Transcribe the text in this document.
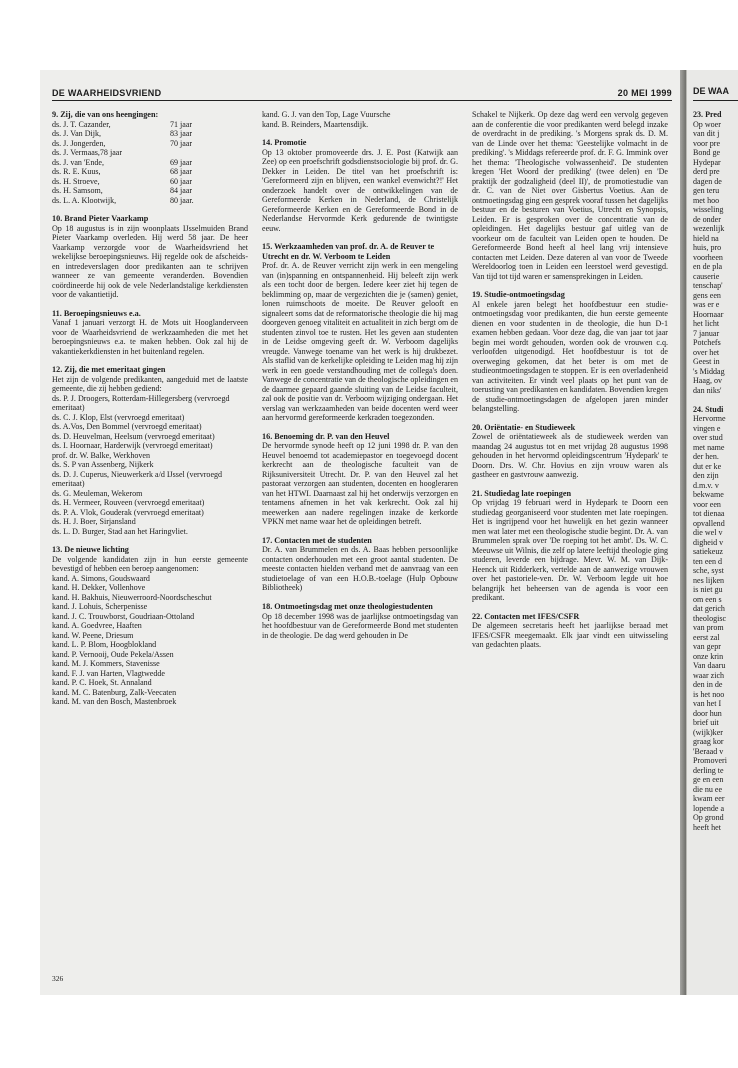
DE WAA
23. Pred
Op woer
van dit j
voor pre
Bond ge
Hydepar
derd pre
dagen de
gen teru
met hoo
wisseling
de onder
wezenlijk
hield na
huis, pro
voorheen
en de pla
causerie
tenschap'
gens een
was er e
Hoornaar
het licht
7 januar
Potchefs
over het
Geest in
's Middag
Haag, ov
dan niks'
24. Studi
Hervorme
vingen e
over stud
met name
der hen.
dut er ke
den zijn
d.m.v. v
bekwame
voor een
tot dienaa
opvallend
die wel v
digheid v
satiekeuz
ten een d
sche, syst
nes lijken
is niet gu
om een s
dat gerich
theologisc
van prom
eerst zal
van gepr
onze krin
Van daaru
waar zich
den in de
is het noo
van het I
door hun
brief uit
(wijk)ker
graag kor
'Beraad v
Promoveri
derling te
ge en een
die nu ee
kwam eer
lopende a
Op grond
heeft het
DE WAARHEIDSVRIEND	20 MEI 1999
9. Zij, die van ons heengingen:
ds. J. T. Cazander,	71 jaar
ds. J. Van Dijk,	83 jaar
ds. J. Jongerden,	70 jaar
ds. J. Vermaas,78 jaar
ds. J. van 'Ende,	69 jaar
ds. R. E. Kuus,	68 jaar
ds. H. Stroeve,	60 jaar
ds. H. Samsom,	84 jaar
ds. L. A. Klootwijk,	80 jaar.
10. Brand Pieter Vaarkamp

Op 18 augustus is in zijn woonplaats IJsselmuiden Brand Pieter Vaarkamp overleden. Hij werd 58 jaar. De heer Vaarkamp verzorgde voor de Waarheidsvriend het wekelijkse beroepingsnieuws. Hij regelde ook de afscheids- en intredeverslagen door predikanten aan te schrijven wanneer ze van gemeente veranderden. Bovendien coördineerde hij ook de vele Nederlandstalige kerkdiensten voor de vakantietijd.

11. Beroepingsnieuws e.a.

Vanaf 1 januari verzorgt H. de Mots uit Hooglanderveen voor de Waarheidsvriend de werkzaamheden die met het beroepingsnieuws e.a. te maken hebben. Ook zal hij de vakantiekerkdiensten in het buitenland regelen.

12. Zij, die met emeritaat gingen

Het zijn de volgende predikanten, aangeduid met de laatste gemeente, die zij hebben gediend:

ds. P. J. Droogers, Rotterdam-Hillegersberg (vervroegd emeritaat)
ds. C. J. Klop, Elst (vervroegd emeritaat)
ds. A.Vos, Den Bommel (vervroegd emeritaat)
ds. D. Heuvelman, Heelsum (vervroegd emeritaat)
ds. I. Hoornaar, Harderwijk (vervroegd emeritaat)
prof. dr. W. Balke, Werkhoven
ds. S. P van Assenberg, Nijkerk
ds. D. J. Cuperus, Nieuwerkerk a/d IJssel (vervroegd emeritaat)
ds. G. Meuleman, Wekerom
ds. H. Vermeer, Rouveen (vervroegd emeritaat)
ds. P. A. Vlok, Gouderak (vervroegd emeritaat)
ds. H. J. Boer, Sirjansland
ds. L. D. Burger, Stad aan het Haringvliet.
13. De nieuwe lichting

De volgende kandidaten zijn in hun eerste gemeente bevestigd of hebben een beroep aangenomen:

kand. A. Simons, Goudswaard
kand. H. Dekker, Vollenhove
kand. H. Bakhuis, Nieuwerroord-Noordscheschut
kand. J. Lohuis, Scherpenisse
kand. J. C. Trouwborst, Goudriaan-Ottoland
kand. A. Goedvree, Haaften
kand. W. Peene, Driesum
kand. L. P. Blom, Hoogblokland
kand. P. Vernooij, Oude Pekela/Assen
kand. M. J. Kommers, Stavenisse
kand. F. J. van Harten, Vlagtwedde
kand. P. C. Hoek, St. Annaland
kand. M. C. Batenburg, Zalk-Veecaten
kand. M. van den Bosch, Mastenbroek

kand. G. J. van den Top, Lage Vuursche
kand. B. Reinders, Maartensdijk.

14. Promotie

Op 13 oktober promoveerde drs. J. E. Post (Katwijk aan Zee) op een proefschrift godsdienstsociologie bij prof. dr. G. Dekker in Leiden. De titel van het proefschrift is: 'Gereformeerd zijn en blijven, een wankel evenwicht?!' Het onderzoek handelt over de ontwikkelingen van de Gereformeerde Kerken in Nederland, de Christelijk Gereformeerde Kerken en de Gereformeerde Bond in de Nederlandse Hervormde Kerk gedurende de twintigste eeuw.

15. Werkzaamheden van prof. dr. A. de Reuver te Utrecht en dr. W. Verboom te Leiden

Prof. dr. A. de Reuver verricht zijn werk in een mengeling van (in)spanning en ontspannenheid. Hij beleeft zijn werk als een tocht door de bergen. Iedere keer ziet hij tegen de beklimming op, maar de vergezichten die je (samen) geniet, lonen ruimschoots de moeite. De Reuver gelooft en signaleert soms dat de reformatorische theologie die hij mag doorgeven genoeg vitaliteit en actualiteit in zich bergt om de studenten zinvol toe te rusten. Het les geven aan studenten in de Leidse omgeving geeft dr. W. Verboom dagelijks vreugde. Vanwege toename van het werk is hij drukbezet. Als staflid van de kerkelijke opleiding te Leiden mag hij zijn werk in een goede verstandhouding met de collega's doen. Vanwege de concentratie van de theologische opleidingen en de daarmee gepaard gaande sluiting van de Leidse faculteit, zal ook de positie van dr. Verboom wijziging ondergaan. Het verslag van werkzaamheden van beide docenten werd weer aan hervormd gereformeerde kerkraden toegezonden.

16. Benoeming dr. P. van den Heuvel

De hervormde synode heeft op 12 juni 1998 dr. P. van den Heuvel benoemd tot academiepastor en toegevoegd docent kerkrecht aan de theologische faculteit van de Rijksuniversiteit Utrecht. Dr. P. van den Heuvel zal het pastoraat verzorgen aan studenten, docenten en hoogleraren van het HTWI. Daarnaast zal hij het onderwijs verzorgen en tentamens afnemen in het vak kerkrecht. Ook zal hij meewerken aan nadere regelingen inzake de kerkorde VPKN met name waar het de opleidingen betreft.

17. Contacten met de studenten

Dr. A. van Brummelen en ds. A. Baas hebben persoonlijke contacten onderhouden met een groot aantal studenten. De meeste contacten hielden verband met de aanvraag van een studietoelage of van een H.O.B.-toelage (Hulp Opbouw Bibliotheek)

18. Ontmoetingsdag met onze theologiestudenten

Op 18 december 1998 was de jaarlijkse ontmoetingsdag van het hoofdbestuur van de Gereformeerde Bond met studenten in de theologie. De dag werd gehouden in De

Schakel te Nijkerk. Op deze dag werd een vervolg gegeven aan de conferentie die voor predikanten werd belegd inzake de overdracht in de prediking. 's Morgens sprak ds. D. M. van de Linde over het thema: 'Geestelijke volmacht in de prediking'. 's Middags refereerde prof. dr. F. G. Immink over het thema: 'Theologische volwassenheid'. De studenten kregen 'Het Woord der prediking' (twee delen) en 'De praktijk der godzaligheid (deel II)', de promotiestudie van dr. C. van de Niet over Gisbertus Voetius. Aan de ontmoetingsdag ging een gesprek vooraf tussen het dagelijks bestuur en de besturen van Voetius, Utrecht en Synopsis, Leiden. Er is gesproken over de concentratie van de opleidingen. Het dagelijks bestuur gaf uitleg van de voorkeur om de faculteit van Leiden open te houden. De Gereformeerde Bond heeft al heel lang vrij intensieve contacten met Leiden. Deze dateren al van voor de Tweede Wereldoorlog toen in Leiden een leerstoel werd gevestigd. Van tijd tot tijd waren er samensprekingen in Leiden.

19. Studie-ontmoetingsdag

Al enkele jaren belegt het hoofdbestuur een studie-ontmoetingsdag voor predikanten, die hun eerste gemeente dienen en voor studenten in de theologie, die hun D-1 examen hebben gedaan. Voor deze dag, die van jaar tot jaar begin mei wordt gehouden, worden ook de vrouwen c.q. verloofden uitgenodigd. Het hoofdbestuur is tot de overweging gekomen, dat het beter is om met de studieontmoetingsdagen te stoppen. Er is een overladenheid van activiteiten. Er vindt veel plaats op het punt van de toerusting van predikanten en kandidaten. Bovendien kregen de studie-ontmoetingsdagen de afgelopen jaren minder belangstelling.

20. Oriëntatie- en Studieweek

Zowel de oriëntatieweek als de studieweek werden van maandag 24 augustus tot en met vrijdag 28 augustus 1998 gehouden in het hervormd opleidingscentrum 'Hydepark' te Doorn. Drs. W. Chr. Hovius en zijn vrouw waren als gastheer en gastvrouw aanwezig.

21. Studiedag late roepingen

Op vrijdag 19 februari werd in Hydepark te Doorn een studiedag georganiseerd voor studenten met late roepingen. Het is ingrijpend voor het huwelijk en het gezin wanneer men wat later met een theologische studie begint. Dr. A. van Brummelen sprak over 'De roeping tot het ambt'. Ds. W. C. Meeuwse uit Wilnis, die zelf op latere leeftijd theologie ging studeren, leverde een bijdrage. Mevr. W. M. van Dijk-Heenck uit Ridderkerk, vertelde aan de aanwezige vrouwen over het pastoriele-ven. Dr. W. Verboom legde uit hoe belangrijk het beheersen van de agenda is voor een predikant.

22. Contacten met IFES/CSFR

De algemeen secretaris heeft het jaarlijkse beraad met IFES/CSFR meegemaakt. Elk jaar vindt een uitwisseling van gedachten plaats.

326
